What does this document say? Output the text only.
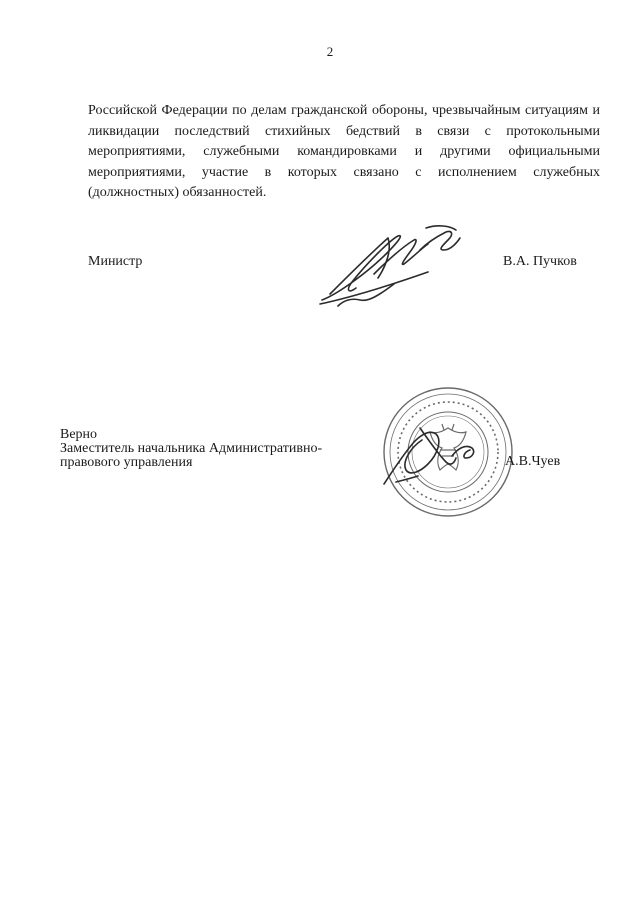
2

Российской Федерации по делам гражданской обороны, чрезвычайным ситуациям и ликвидации последствий стихийных бедствий в связи с протокольными мероприятиями, служебными командировками и другими официальными мероприятиями, участие в которых связано с исполнением служебных (должностных) обязанностей.

Министр	В.А. Пучков
Верно
Заместитель начальника Административно-
правового управления	А.В.Чуев
